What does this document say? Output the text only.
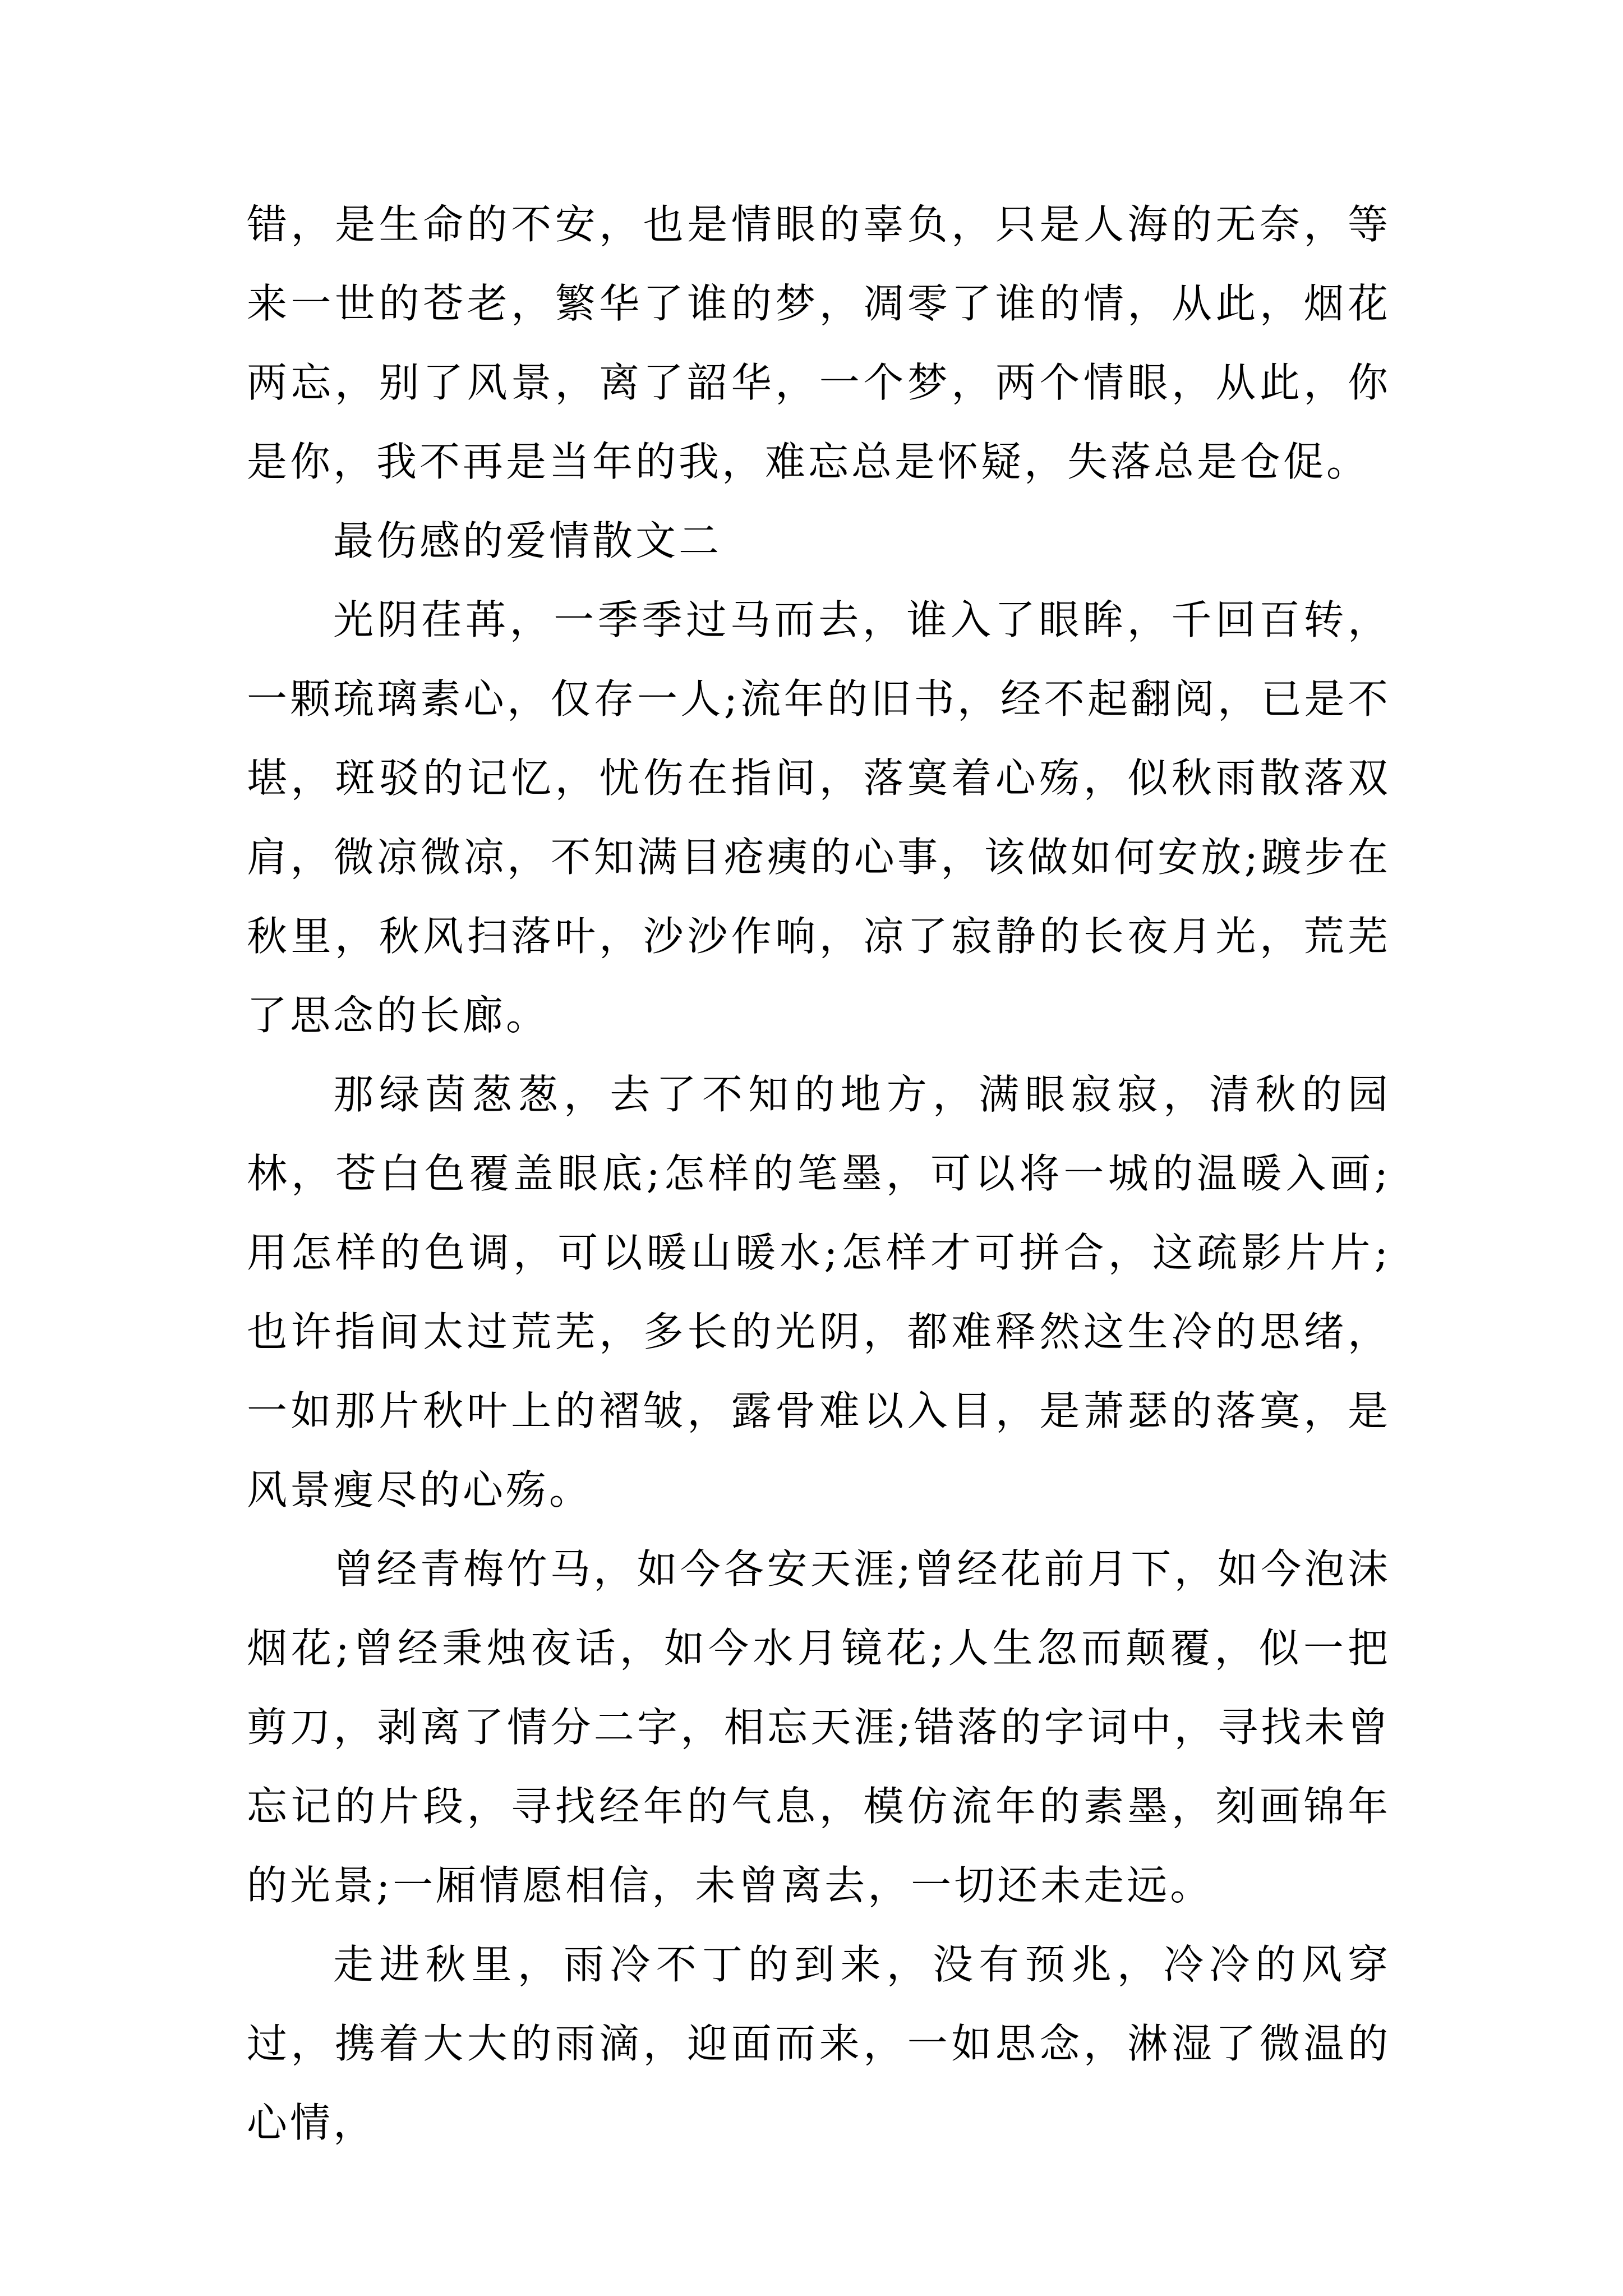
错，是生命的不安，也是情眼的辜负，只是人海的无奈，等来一世的苍老，繁华了谁的梦，凋零了谁的情，从此，烟花两忘，别了风景，离了韶华，一个梦，两个情眼，从此，你是你，我不再是当年的我，难忘总是怀疑，失落总是仓促。

最伤感的爱情散文二

光阴荏苒，一季季过马而去，谁入了眼眸，千回百转，一颗琉璃素心，仅存一人;流年的旧书，经不起翻阅，已是不堪，斑驳的记忆，忧伤在指间，落寞着心殇，似秋雨散落双肩，微凉微凉，不知满目疮痍的心事，该做如何安放;踱步在秋里，秋风扫落叶，沙沙作响，凉了寂静的长夜月光，荒芜了思念的长廊。

那绿茵葱葱，去了不知的地方，满眼寂寂，清秋的园林，苍白色覆盖眼底;怎样的笔墨，可以将一城的温暖入画;用怎样的色调，可以暖山暖水;怎样才可拼合，这疏影片片;也许指间太过荒芜，多长的光阴，都难释然这生冷的思绪，一如那片秋叶上的褶皱，露骨难以入目，是萧瑟的落寞，是风景瘦尽的心殇。

曾经青梅竹马，如今各安天涯;曾经花前月下，如今泡沫烟花;曾经秉烛夜话，如今水月镜花;人生忽而颠覆，似一把剪刀，剥离了情分二字，相忘天涯;错落的字词中，寻找未曾忘记的片段，寻找经年的气息，模仿流年的素墨，刻画锦年的光景;一厢情愿相信，未曾离去，一切还未走远。

走进秋里，雨冷不丁的到来，没有预兆，冷冷的风穿过，携着大大的雨滴，迎面而来，一如思念，淋湿了微温的心情，
